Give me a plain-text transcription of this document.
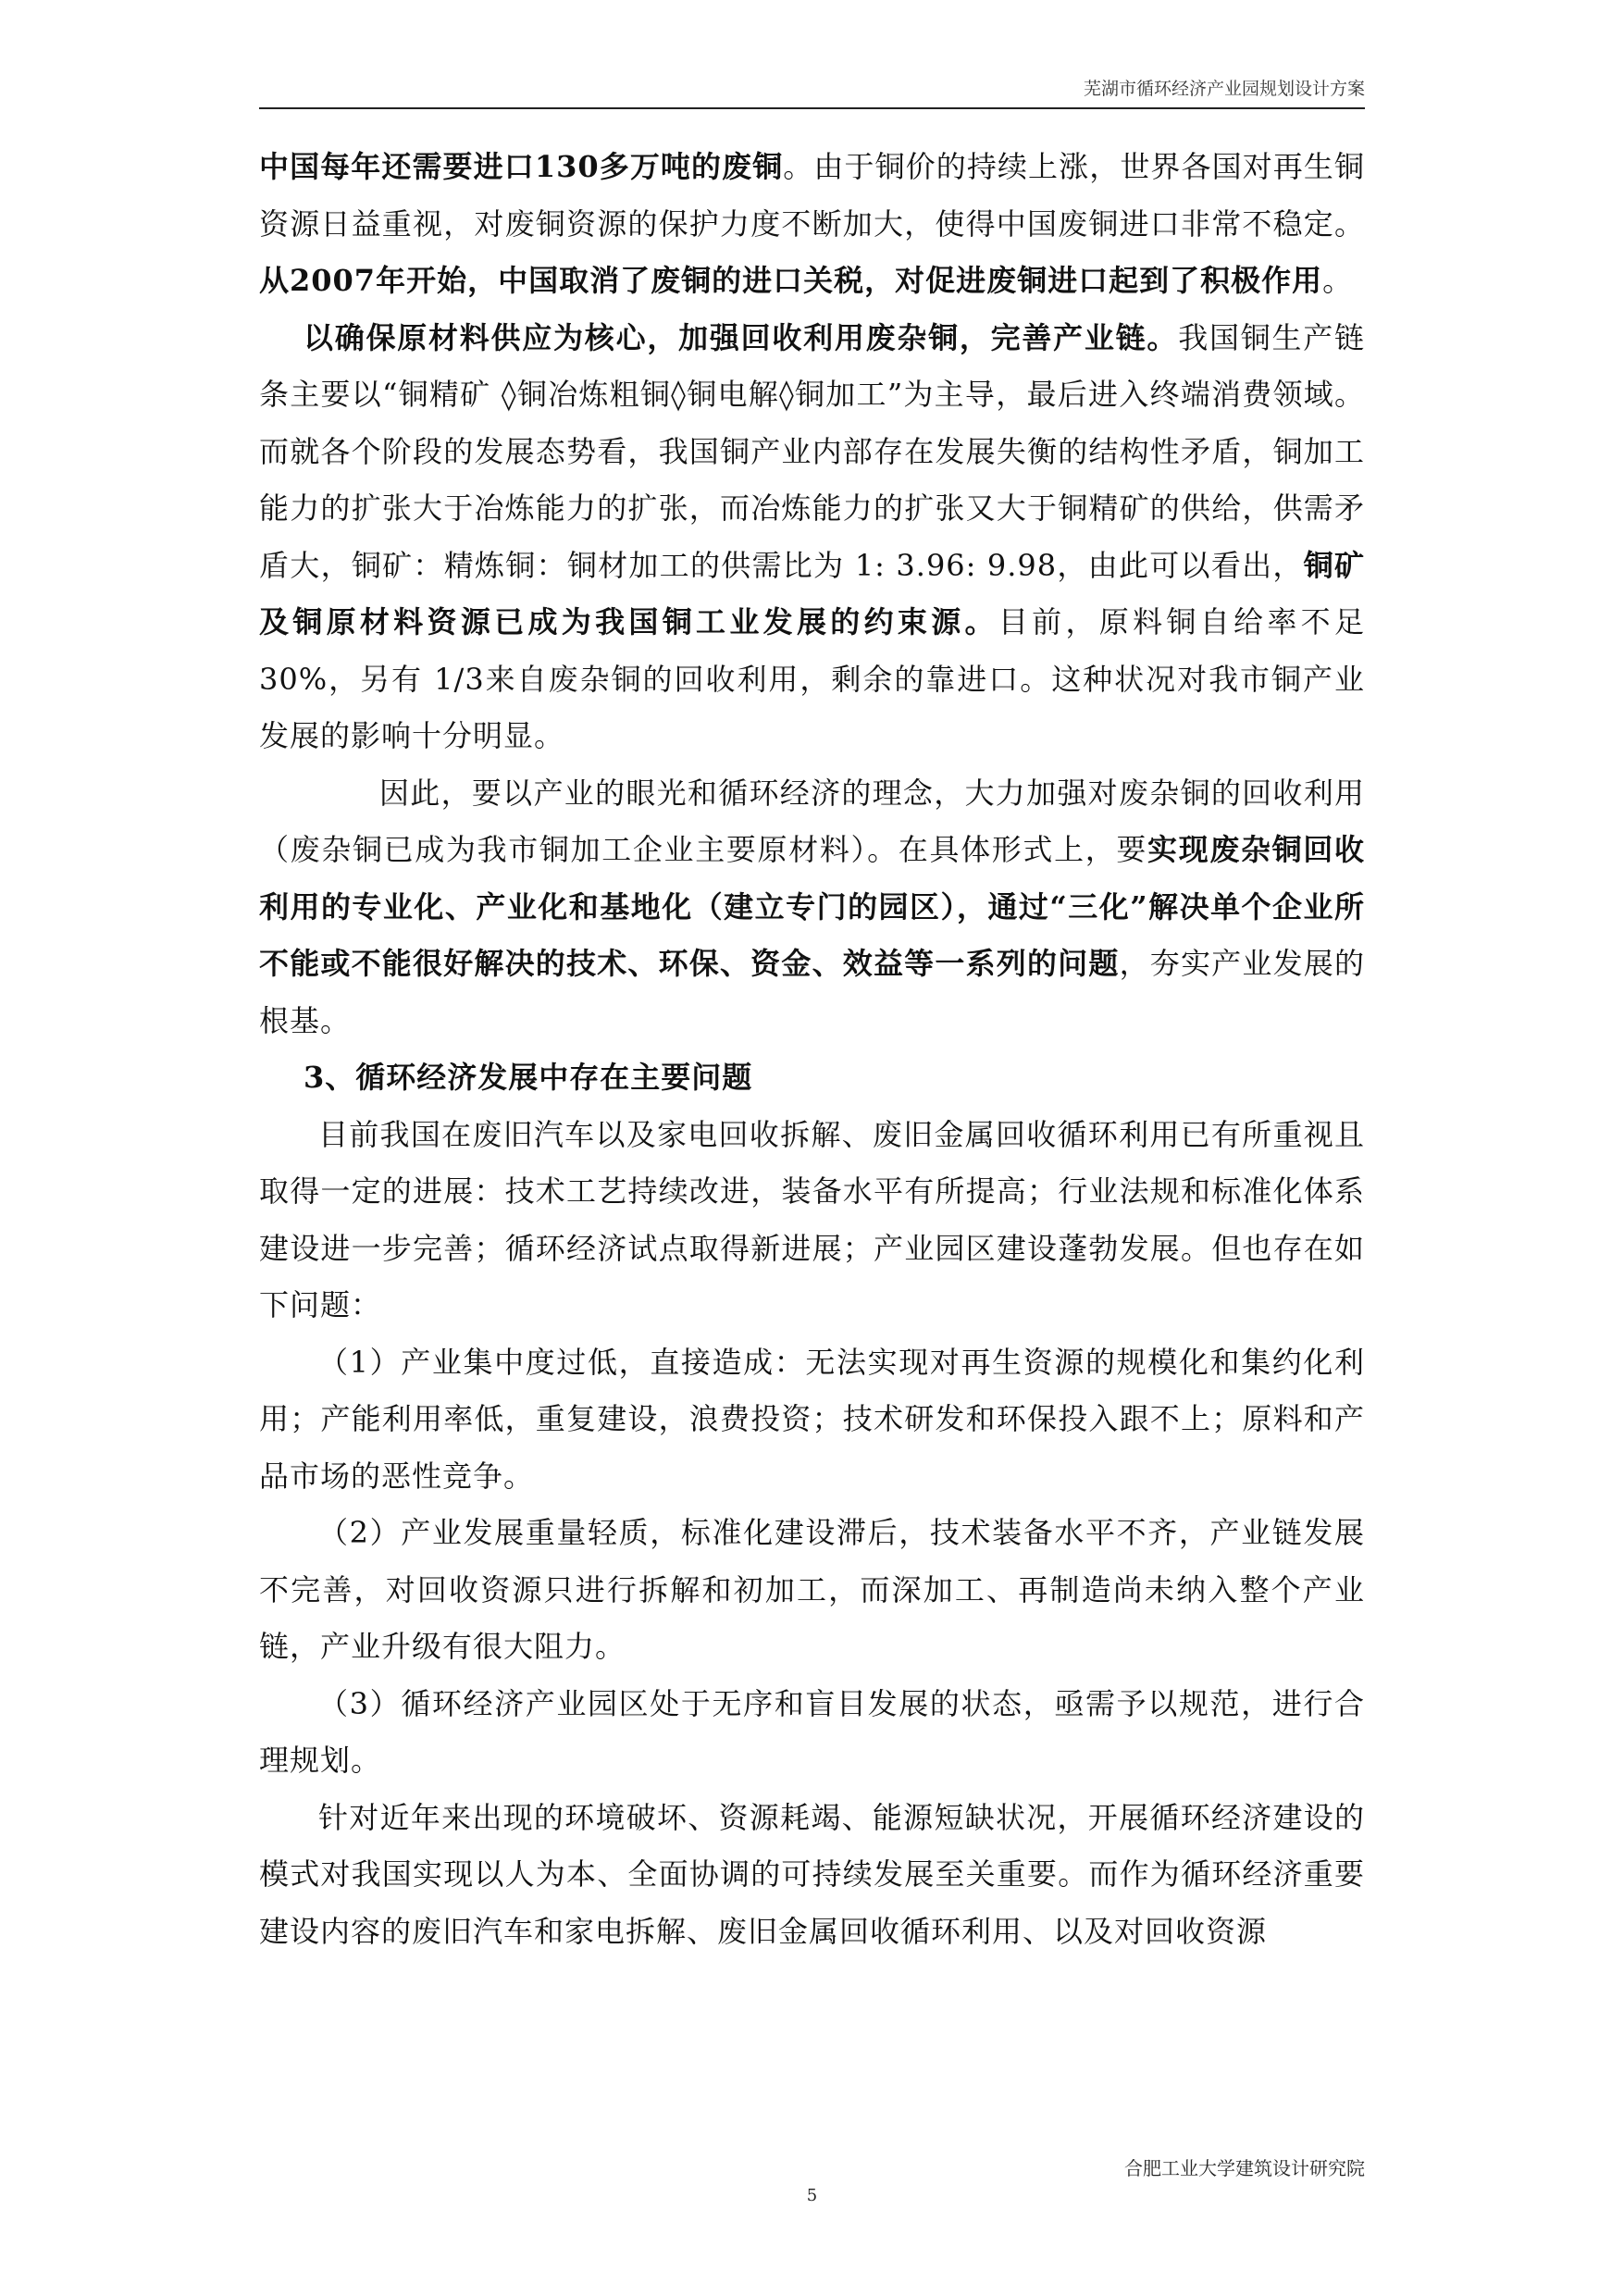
芜湖市循环经济产业园规划设计方案

中国每年还需要进口130多万吨的废铜。由于铜价的持续上涨，世界各国对再生铜资源日益重视，对废铜资源的保护力度不断加大，使得中国废铜进口非常不稳定。从2007年开始，中国取消了废铜的进口关税，对促进废铜进口起到了积极作用。

以确保原材料供应为核心，加强回收利用废杂铜，完善产业链。我国铜生产链条主要以“铜精矿 ◊铜冶炼粗铜◊铜电解◊铜加工”为主导，最后进入终端消费领域。而就各个阶段的发展态势看，我国铜产业内部存在发展失衡的结构性矛盾，铜加工能力的扩张大于冶炼能力的扩张，而冶炼能力的扩张又大于铜精矿的供给，供需矛盾大，铜矿：精炼铜：铜材加工的供需比为 1: 3.96: 9.98，由此可以看出，铜矿及铜原材料资源已成为我国铜工业发展的约束源。目前，原料铜自给率不足 30%，另有 1/3来自废杂铜的回收利用，剩余的靠进口。这种状况对我市铜产业发展的影响十分明显。

因此，要以产业的眼光和循环经济的理念，大力加强对废杂铜的回收利用（废杂铜已成为我市铜加工企业主要原材料）。在具体形式上，要实现废杂铜回收利用的专业化、产业化和基地化（建立专门的园区），通过“三化”解决单个企业所不能或不能很好解决的技术、环保、资金、效益等一系列的问题，夯实产业发展的根基。

3、循环经济发展中存在主要问题

目前我国在废旧汽车以及家电回收拆解、废旧金属回收循环利用已有所重视且取得一定的进展：技术工艺持续改进，装备水平有所提高；行业法规和标准化体系建设进一步完善；循环经济试点取得新进展；产业园区建设蓬勃发展。但也存在如下问题：

（1）产业集中度过低，直接造成：无法实现对再生资源的规模化和集约化利用；产能利用率低，重复建设，浪费投资；技术研发和环保投入跟不上；原料和产品市场的恶性竞争。

（2）产业发展重量轻质，标准化建设滞后，技术装备水平不齐，产业链发展不完善，对回收资源只进行拆解和初加工，而深加工、再制造尚未纳入整个产业链，产业升级有很大阻力。

（3）循环经济产业园区处于无序和盲目发展的状态，亟需予以规范，进行合理规划。

针对近年来出现的环境破坏、资源耗竭、能源短缺状况，开展循环经济建设的模式对我国实现以人为本、全面协调的可持续发展至关重要。而作为循环经济重要建设内容的废旧汽车和家电拆解、废旧金属回收循环利用、以及对回收资源

合肥工业大学建筑设计研究院
5
